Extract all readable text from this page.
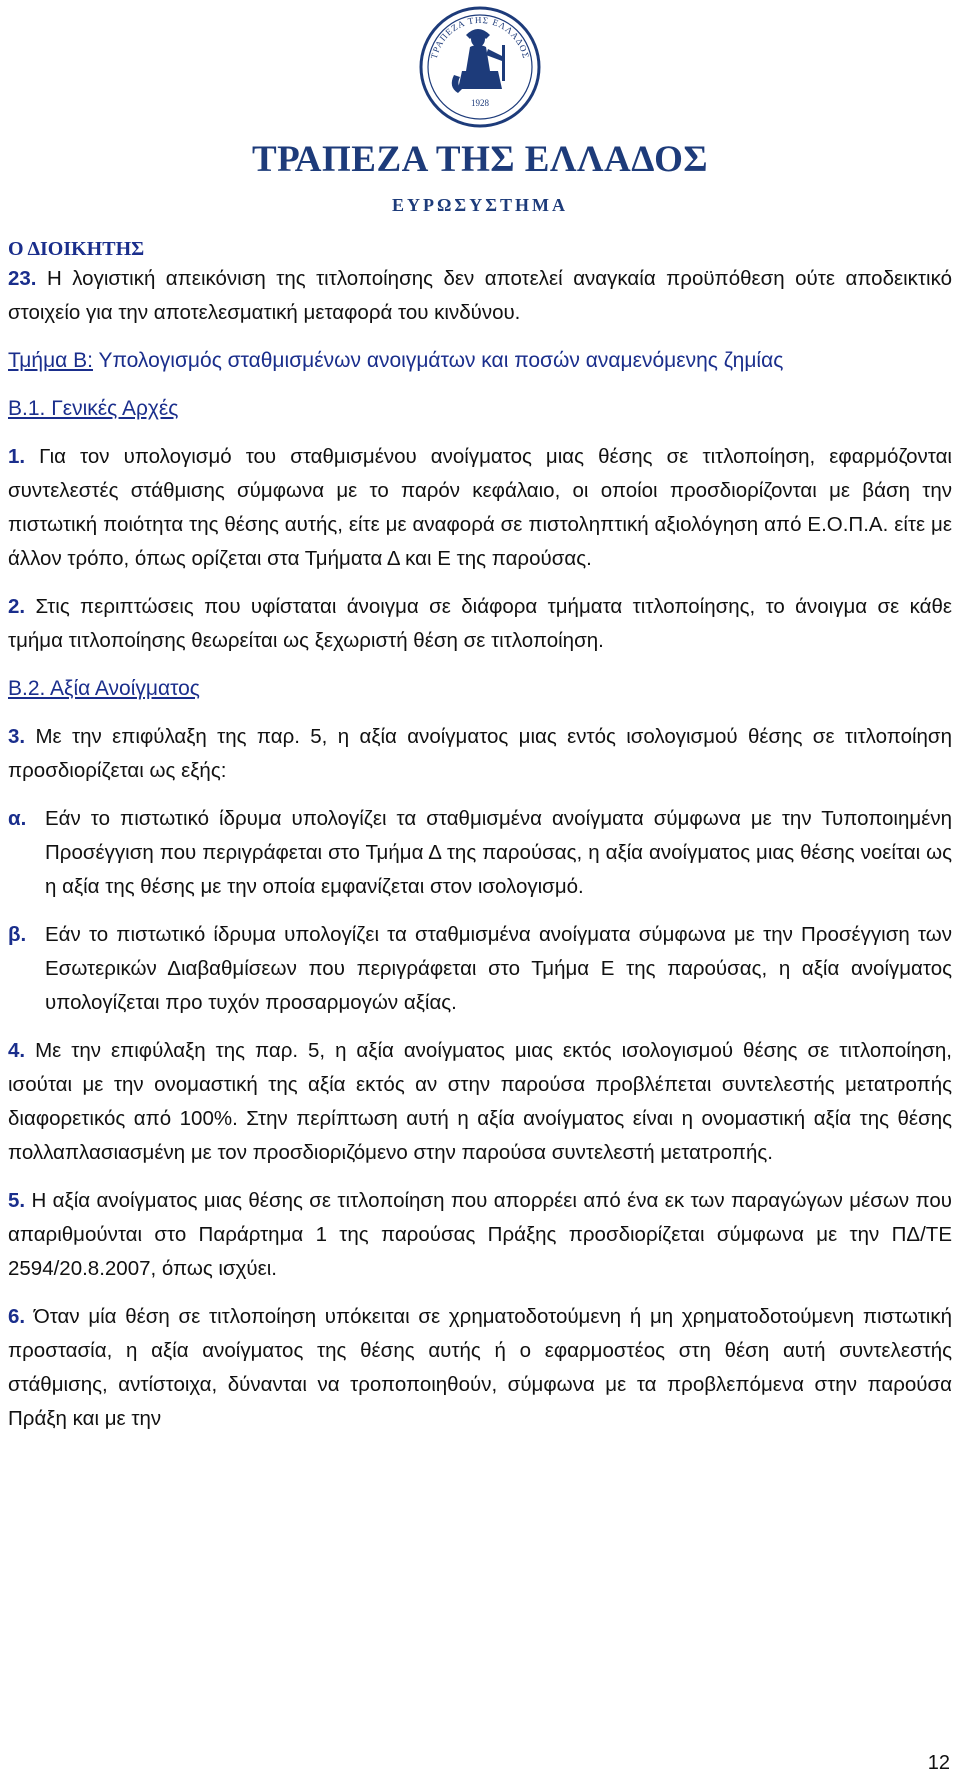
ΤΡΑΠΕΖΑ ΤΗΣ ΕΛΛΑΔΟΣ
1928
ΤΡΑΠΕΖΑ ΤΗΣ ΕΛΛΑΔΟΣ
ΕΥΡΩΣΥΣΤΗΜΑ

Ο ΔΙΟΙΚΗΤΗΣ

23. Η λογιστική απεικόνιση της τιτλοποίησης δεν αποτελεί αναγκαία προϋπόθεση ούτε αποδεικτικό στοιχείο για την αποτελεσματική μεταφορά του κινδύνου.

Τμήμα Β: Υπολογισμός σταθμισμένων ανοιγμάτων και ποσών αναμενόμενης ζημίας

Β.1. Γενικές Αρχές

1. Για τον υπολογισμό του σταθμισμένου ανοίγματος μιας θέσης σε τιτλοποίηση, εφαρμόζονται συντελεστές στάθμισης σύμφωνα με το παρόν κεφάλαιο, οι οποίοι προσδιορίζονται με βάση την πιστωτική ποιότητα της θέσης αυτής, είτε με αναφορά σε πιστοληπτική αξιολόγηση από Ε.Ο.Π.Α. είτε με άλλον τρόπο, όπως ορίζεται στα Τμήματα Δ και Ε της παρούσας.

2. Στις περιπτώσεις που υφίσταται άνοιγμα σε διάφορα τμήματα τιτλοποίησης, το άνοιγμα σε κάθε τμήμα τιτλοποίησης θεωρείται ως ξεχωριστή θέση σε τιτλοποίηση.

Β.2. Αξία Ανοίγματος

3. Με την επιφύλαξη της παρ. 5, η αξία ανοίγματος μιας εντός ισολογισμού θέσης σε τιτλοποίηση προσδιορίζεται ως εξής:

α. Εάν το πιστωτικό ίδρυμα υπολογίζει τα σταθμισμένα ανοίγματα σύμφωνα με την Τυποποιημένη Προσέγγιση που περιγράφεται στο Τμήμα Δ της παρούσας, η αξία ανοίγματος μιας θέσης νοείται ως η αξία της θέσης με την οποία εμφανίζεται στον ισολογισμό.
β. Εάν το πιστωτικό ίδρυμα υπολογίζει τα σταθμισμένα ανοίγματα σύμφωνα με την Προσέγγιση των Εσωτερικών Διαβαθμίσεων που περιγράφεται στο Τμήμα Ε της παρούσας, η αξία ανοίγματος υπολογίζεται προ τυχόν προσαρμογών αξίας.

4. Με την επιφύλαξη της παρ. 5, η αξία ανοίγματος μιας εκτός ισολογισμού θέσης σε τιτλοποίηση, ισούται με την ονομαστική της αξία εκτός αν στην παρούσα προβλέπεται συντελεστής μετατροπής διαφορετικός από 100%. Στην περίπτωση αυτή η αξία ανοίγματος είναι η ονομαστική αξία της θέσης πολλαπλασιασμένη με τον προσδιοριζόμενο στην παρούσα συντελεστή μετατροπής.

5. Η αξία ανοίγματος μιας θέσης σε τιτλοποίηση που απορρέει από ένα εκ των παραγώγων μέσων που απαριθμούνται στο Παράρτημα 1 της παρούσας Πράξης προσδιορίζεται σύμφωνα με την ΠΔ/ΤΕ 2594/20.8.2007, όπως ισχύει.

6. Όταν μία θέση σε τιτλοποίηση υπόκειται σε χρηματοδοτούμενη ή μη χρηματοδοτούμενη πιστωτική προστασία, η αξία ανοίγματος της θέσης αυτής ή ο εφαρμοστέος στη θέση αυτή συντελεστής στάθμισης, αντίστοιχα, δύνανται να τροποποιηθούν, σύμφωνα με τα προβλεπόμενα στην παρούσα Πράξη και με την

12
